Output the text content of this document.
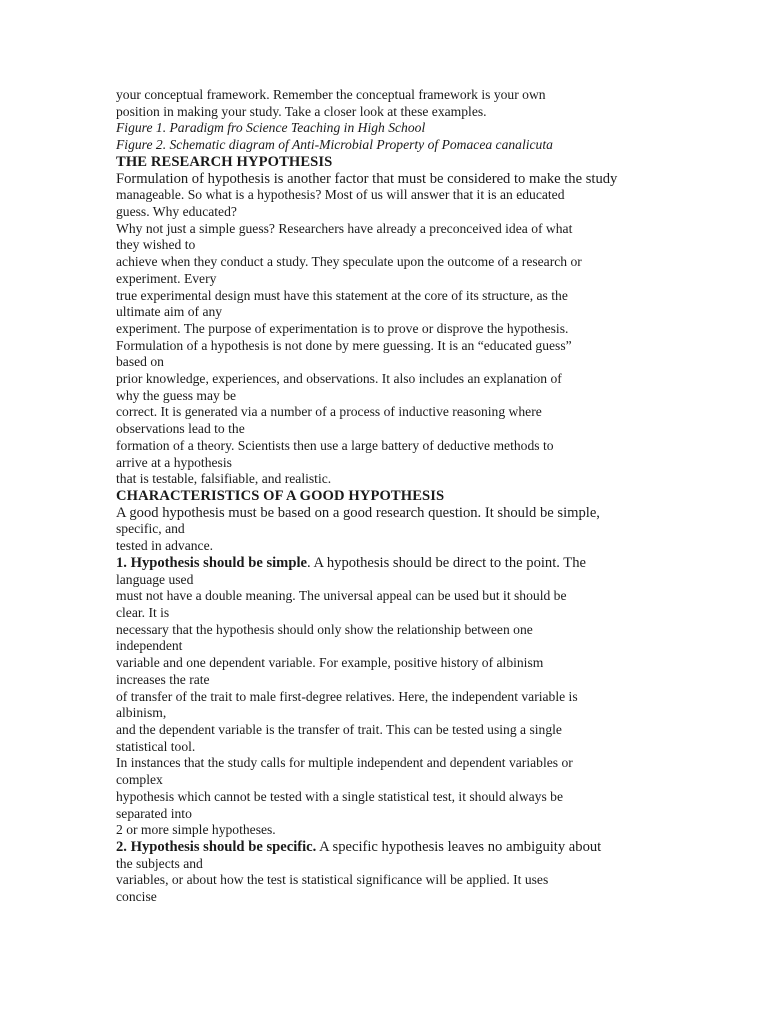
your conceptual framework. Remember the conceptual framework is your own

position in making your study. Take a closer look at these examples.

Figure 1. Paradigm fro Science Teaching in High School

Figure 2. Schematic diagram of Anti-Microbial Property of Pomacea canalicuta

THE RESEARCH HYPOTHESIS

Formulation of hypothesis is another factor that must be considered to make the study

manageable. So what is a hypothesis? Most of us will answer that it is an educated

guess. Why educated?

Why not just a simple guess? Researchers have already a preconceived idea of what

they wished to

achieve when they conduct a study. They speculate upon the outcome of a research or

experiment. Every

true experimental design must have this statement at the core of its structure, as the

ultimate aim of any

experiment. The purpose of experimentation is to prove or disprove the hypothesis.

Formulation of a hypothesis is not done by mere guessing. It is an “educated guess”

based on

prior knowledge, experiences, and observations. It also includes an explanation of

why the guess may be

correct. It is generated via a number of a process of inductive reasoning where

observations lead to the

formation of a theory. Scientists then use a large battery of deductive methods to

arrive at a hypothesis

that is testable, falsifiable, and realistic.

CHARACTERISTICS OF A GOOD HYPOTHESIS

A good hypothesis must be based on a good research question. It should be simple,

specific, and

tested in advance.

1. Hypothesis should be simple. A hypothesis should be direct to the point. The

language used

must not have a double meaning. The universal appeal can be used but it should be

clear. It is

necessary that the hypothesis should only show the relationship between one

independent

variable and one dependent variable. For example, positive history of albinism

increases the rate

of transfer of the trait to male first-degree relatives. Here, the independent variable is

albinism,

and the dependent variable is the transfer of trait. This can be tested using a single

statistical tool.

In instances that the study calls for multiple independent and dependent variables or

complex

hypothesis which cannot be tested with a single statistical test, it should always be

separated into

2 or more simple hypotheses.

2. Hypothesis should be specific. A specific hypothesis leaves no ambiguity about

the subjects and

variables, or about how the test is statistical significance will be applied. It uses

concise
